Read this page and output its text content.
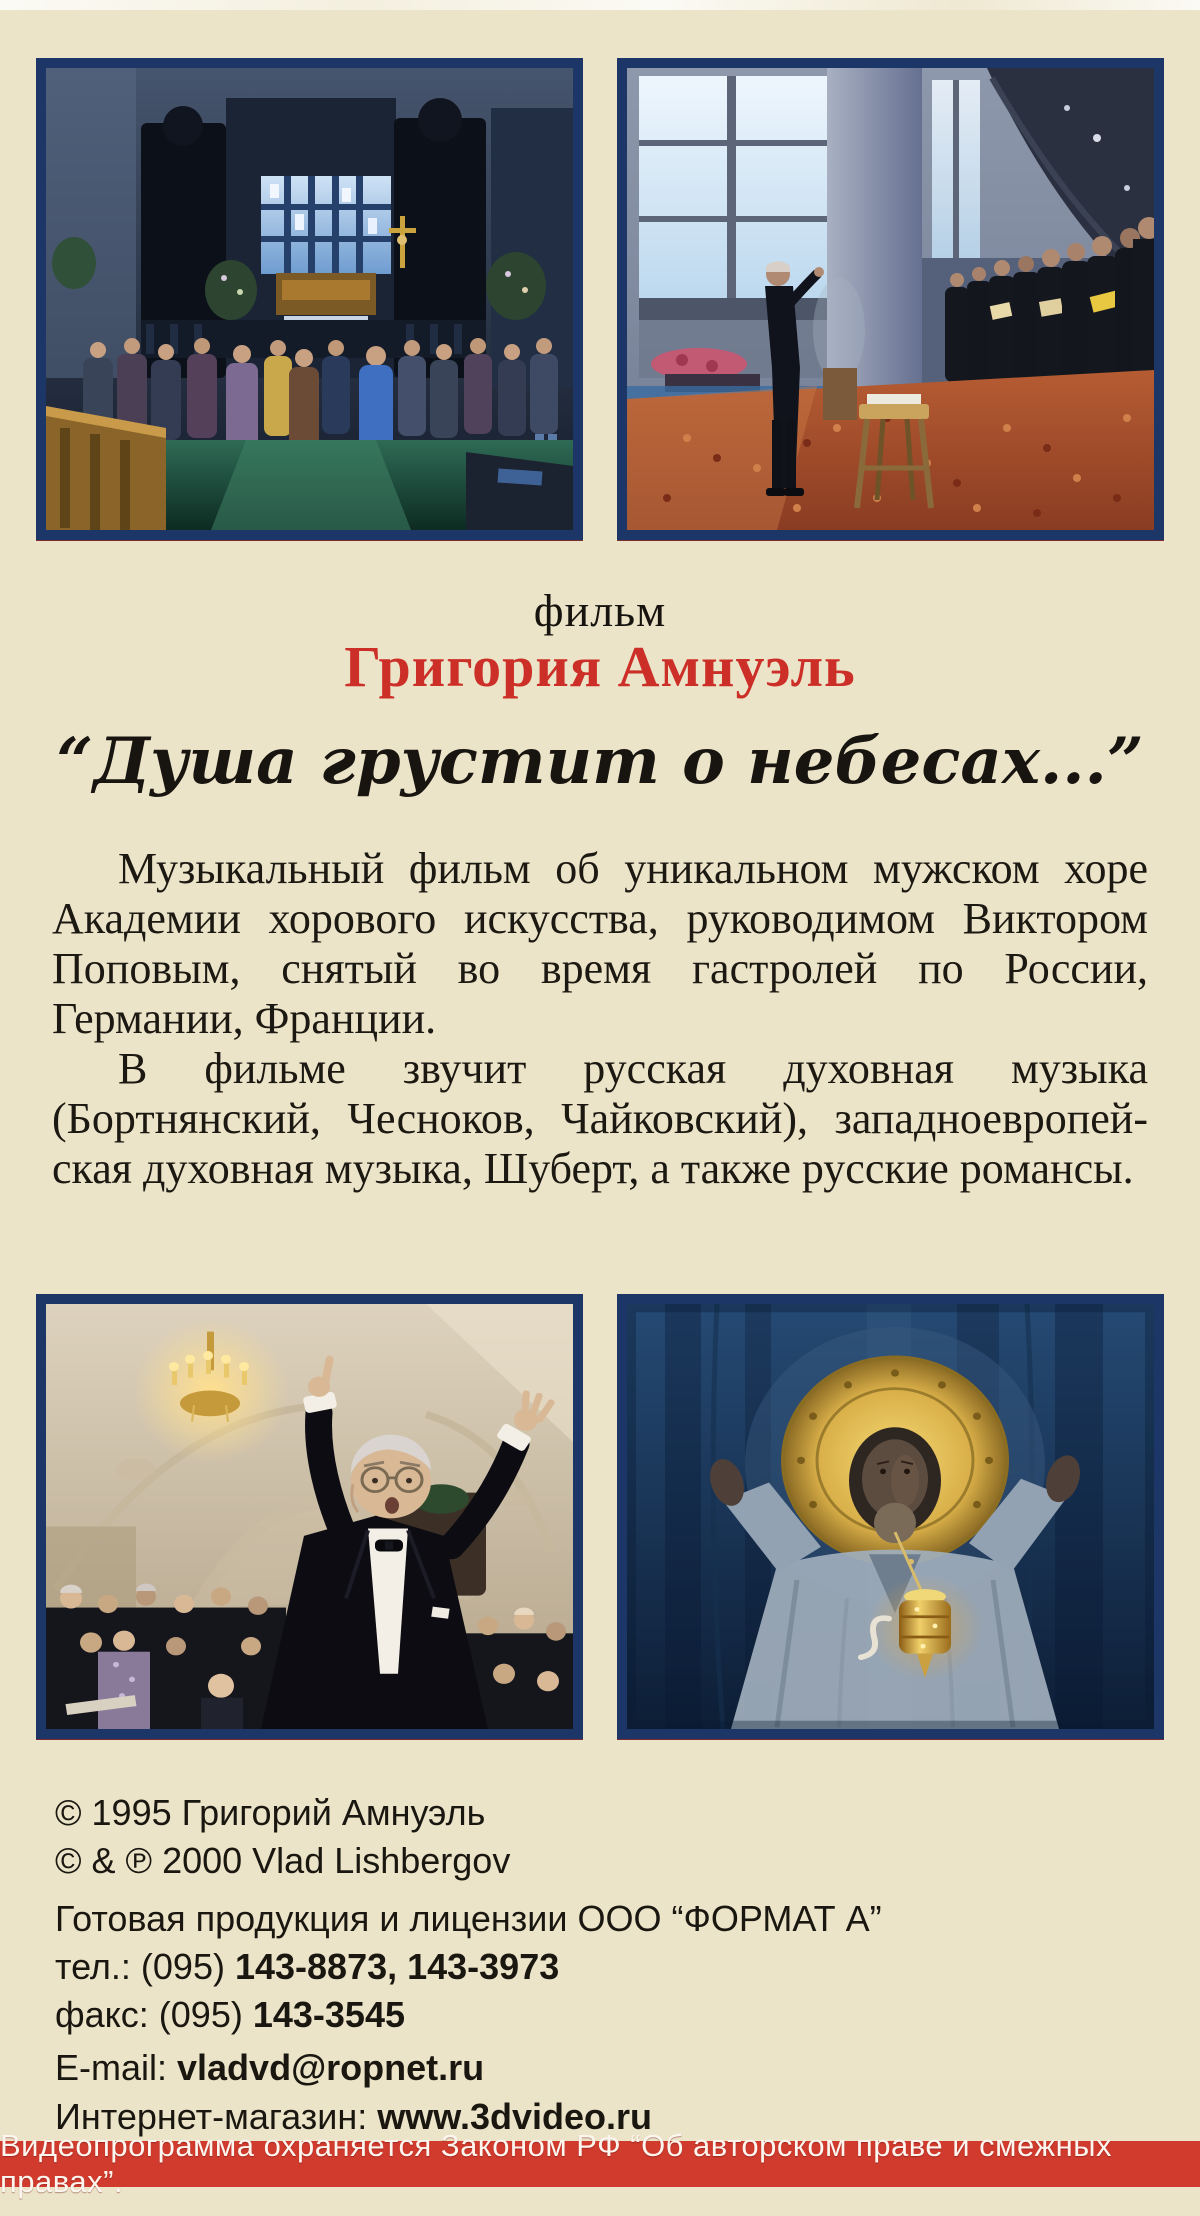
фильм
Григория Амнуэль
“Душа грустит о небесах...”
Музыкальный фильм об уникальном мужском хоре
Академии хорового искусства, руководимом Виктором
Поповым, снятый во время гастролей по России,
Германии, Франции.
В фильме звучит русская духовная музыка
(Бортнянский, Чесноков, Чайковский), западноевропей-
ская духовная музыка, Шуберт, а также русские романсы.
© 1995 Григорий Амнуэль
© & ℗ 2000 Vlad Lishbergov
Готовая продукция и лицензии ООО “ФОРМАТ А”
тел.: (095) 143-8873, 143-3973
факс: (095) 143-3545
E-mail: vladvd@ropnet.ru
Интернет-магазин: www.3dvideo.ru
Видеопрограмма охраняется Законом РФ “Об авторском праве и смежных правах”.
